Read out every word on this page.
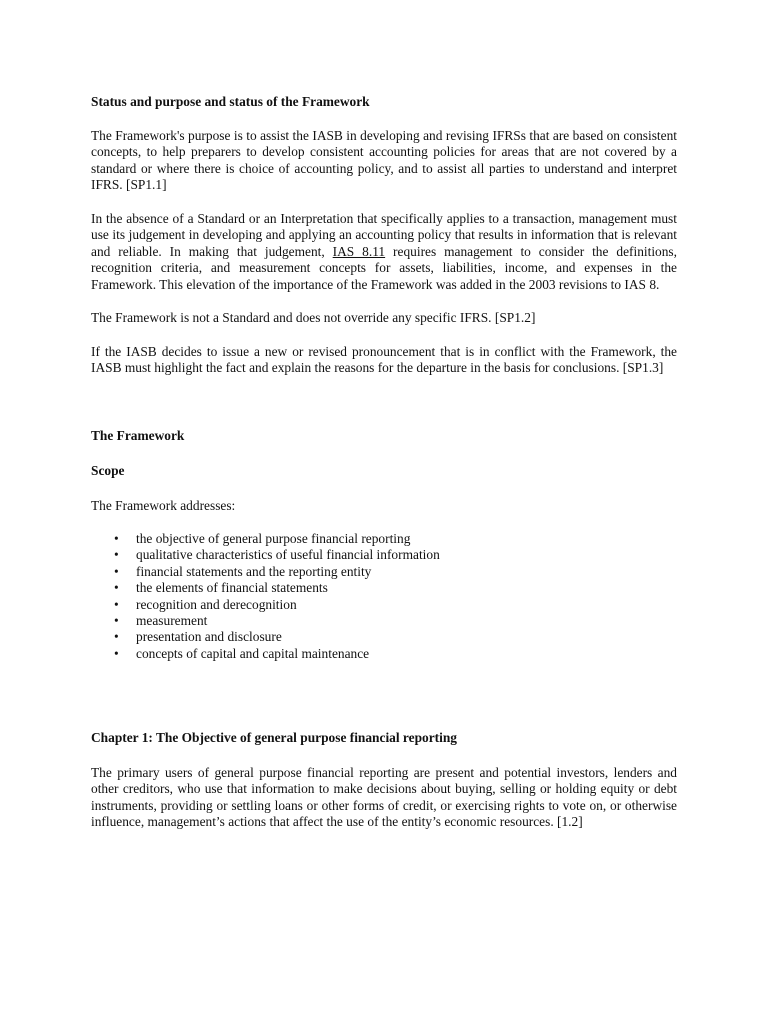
Status and purpose and status of the Framework

The Framework's purpose is to assist the IASB in developing and revising IFRSs that are based on consistent concepts, to help preparers to develop consistent accounting policies for areas that are not covered by a standard or where there is choice of accounting policy, and to assist all parties to understand and interpret IFRS. [SP1.1]

In the absence of a Standard or an Interpretation that specifically applies to a transaction, management must use its judgement in developing and applying an accounting policy that results in information that is relevant and reliable. In making that judgement, IAS 8.11 requires management to consider the definitions, recognition criteria, and measurement concepts for assets, liabilities, income, and expenses in the Framework. This elevation of the importance of the Framework was added in the 2003 revisions to IAS 8.

The Framework is not a Standard and does not override any specific IFRS. [SP1.2]

If the IASB decides to issue a new or revised pronouncement that is in conflict with the Framework, the IASB must highlight the fact and explain the reasons for the departure in the basis for conclusions. [SP1.3]

The Framework
Scope

The Framework addresses:

• the objective of general purpose financial reporting
• qualitative characteristics of useful financial information
• financial statements and the reporting entity
• the elements of financial statements
• recognition and derecognition
• measurement
• presentation and disclosure
• concepts of capital and capital maintenance
Chapter 1: The Objective of general purpose financial reporting

The primary users of general purpose financial reporting are present and potential investors, lenders and other creditors, who use that information to make decisions about buying, selling or holding equity or debt instruments, providing or settling loans or other forms of credit, or exercising rights to vote on, or otherwise influence, management’s actions that affect the use of the entity’s economic resources. [1.2]
